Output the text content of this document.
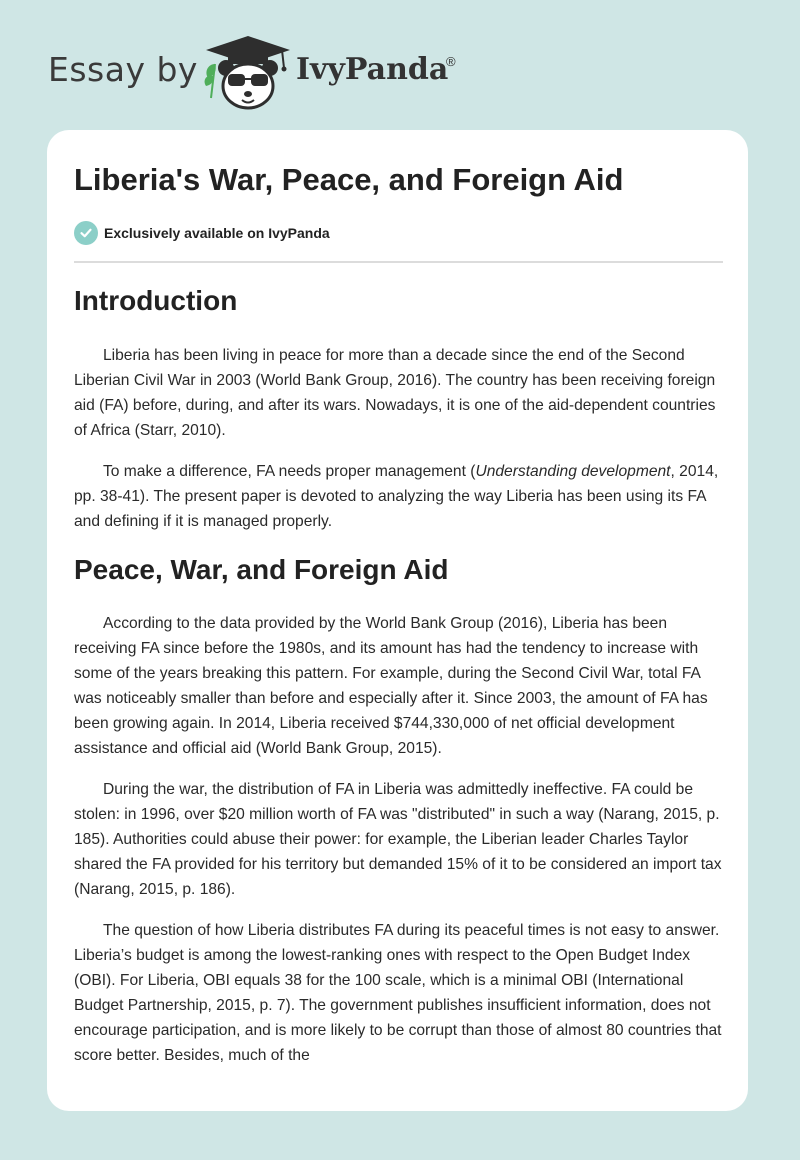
Essay by	IvyPanda
®
Liberia's War, Peace, and Foreign Aid
Exclusively available on IvyPanda
Introduction

Liberia has been living in peace for more than a decade since the end of the Second Liberian Civil War in 2003 (World Bank Group, 2016). The country has been receiving foreign aid (FA) before, during, and after its wars. Nowadays, it is one of the aid-dependent countries of Africa (Starr, 2010).

To make a difference, FA needs proper management (Understanding development, 2014, pp. 38-41). The present paper is devoted to analyzing the way Liberia has been using its FA and defining if it is managed properly.

Peace, War, and Foreign Aid

According to the data provided by the World Bank Group (2016), Liberia has been receiving FA since before the 1980s, and its amount has had the tendency to increase with some of the years breaking this pattern. For example, during the Second Civil War, total FA was noticeably smaller than before and especially after it. Since 2003, the amount of FA has been growing again. In 2014, Liberia received $744,330,000 of net official development assistance and official aid (World Bank Group, 2015).

During the war, the distribution of FA in Liberia was admittedly ineffective. FA could be stolen: in 1996, over $20 million worth of FA was "distributed" in such a way (Narang, 2015, p. 185). Authorities could abuse their power: for example, the Liberian leader Charles Taylor shared the FA provided for his territory but demanded 15% of it to be considered an import tax (Narang, 2015, p. 186).

The question of how Liberia distributes FA during its peaceful times is not easy to answer. Liberia’s budget is among the lowest-ranking ones with respect to the Open Budget Index (OBI). For Liberia, OBI equals 38 for the 100 scale, which is a minimal OBI (International Budget Partnership, 2015, p. 7). The government publishes insufficient information, does not encourage participation, and is more likely to be corrupt than those of almost 80 countries that score better. Besides, much of the
